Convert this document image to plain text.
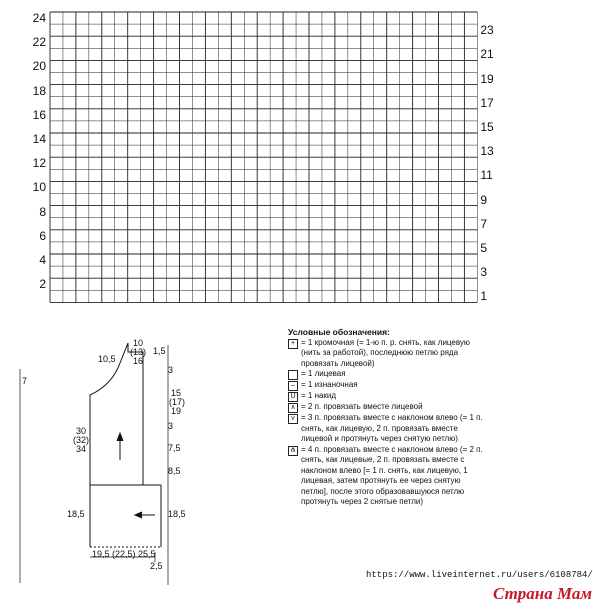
2
4
6
8
10
12
14
16
18
20
22
24
1
3
5
7
9
11
13
15
17
19
21
23
10
(13)
16
10,5
1,5
7
3
15
(17)
19
3
7,5
8,5
30
(32)
34
18,5	18,5
19,5 (22,5) 25,5
2,5
Условные обозначения:
+ = 1 кромочная (= 1-ю п. р. снять, как лицевую (нить за работой), последнюю петлю ряда провязать лицевой)
= 1 лицевая
– = 1 изнаночная
U = 1 накид
∧ = 2 п. провязать вместе лицевой
⋎ = 3 п. провязать вместе с наклоном влево (= 1 п. снять, как лицевую, 2 п. провязать вместе лицевой и протянуть через снятую петлю)
⋔ = 4 п. провязать вместе с наклоном влево (= 2 п. снять, как лицевые, 2 п. провязать вместе с наклоном влево [= 1 п. снять, как лицевую, 1 лицевая, затем протянуть ее через снятую петлю], после этого образовавшуюся петлю протянуть через 2 снятые петли)
https://www.liveinternet.ru/users/6108784/
Страна Мам
